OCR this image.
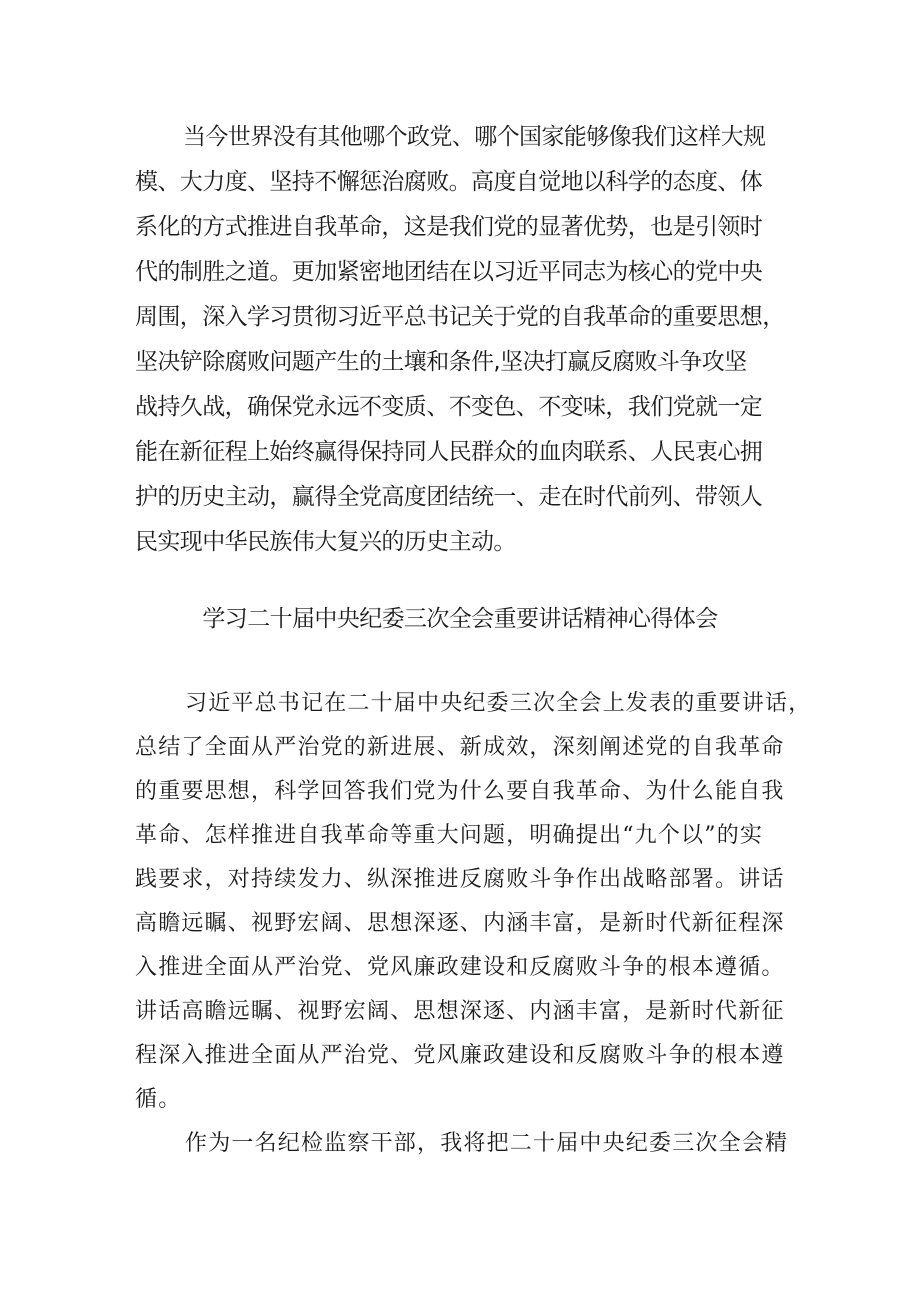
当今世界没有其他哪个政党、哪个国家能够像我们这样大规
模、大力度、坚持不懈惩治腐败。高度自觉地以科学的态度、体
系化的方式推进自我革命，这是我们党的显著优势，也是引领时
代的制胜之道。更加紧密地团结在以习近平同志为核心的党中央
周围，深入学习贯彻习近平总书记关于党的自我革命的重要思想，
坚决铲除腐败问题产生的土壤和条件,坚决打赢反腐败斗争攻坚
战持久战，确保党永远不变质、不变色、不变味，我们党就一定
能在新征程上始终赢得保持同人民群众的血肉联系、人民衷心拥
护的历史主动，赢得全党高度团结统一、走在时代前列、带领人
民实现中华民族伟大复兴的历史主动。
学习二十届中央纪委三次全会重要讲话精神心得体会
习近平总书记在二十届中央纪委三次全会上发表的重要讲话，
总结了全面从严治党的新进展、新成效，深刻阐述党的自我革命
的重要思想，科学回答我们党为什么要自我革命、为什么能自我
革命、怎样推进自我革命等重大问题，明确提出“九个以”的实
践要求，对持续发力、纵深推进反腐败斗争作出战略部署。讲话
高瞻远瞩、视野宏阔、思想深逐、内涵丰富，是新时代新征程深
入推进全面从严治党、党风廉政建设和反腐败斗争的根本遵循。
讲话高瞻远瞩、视野宏阔、思想深逐、内涵丰富，是新时代新征
程深入推进全面从严治党、党风廉政建设和反腐败斗争的根本遵
循。
作为一名纪检监察干部，我将把二十届中央纪委三次全会精
